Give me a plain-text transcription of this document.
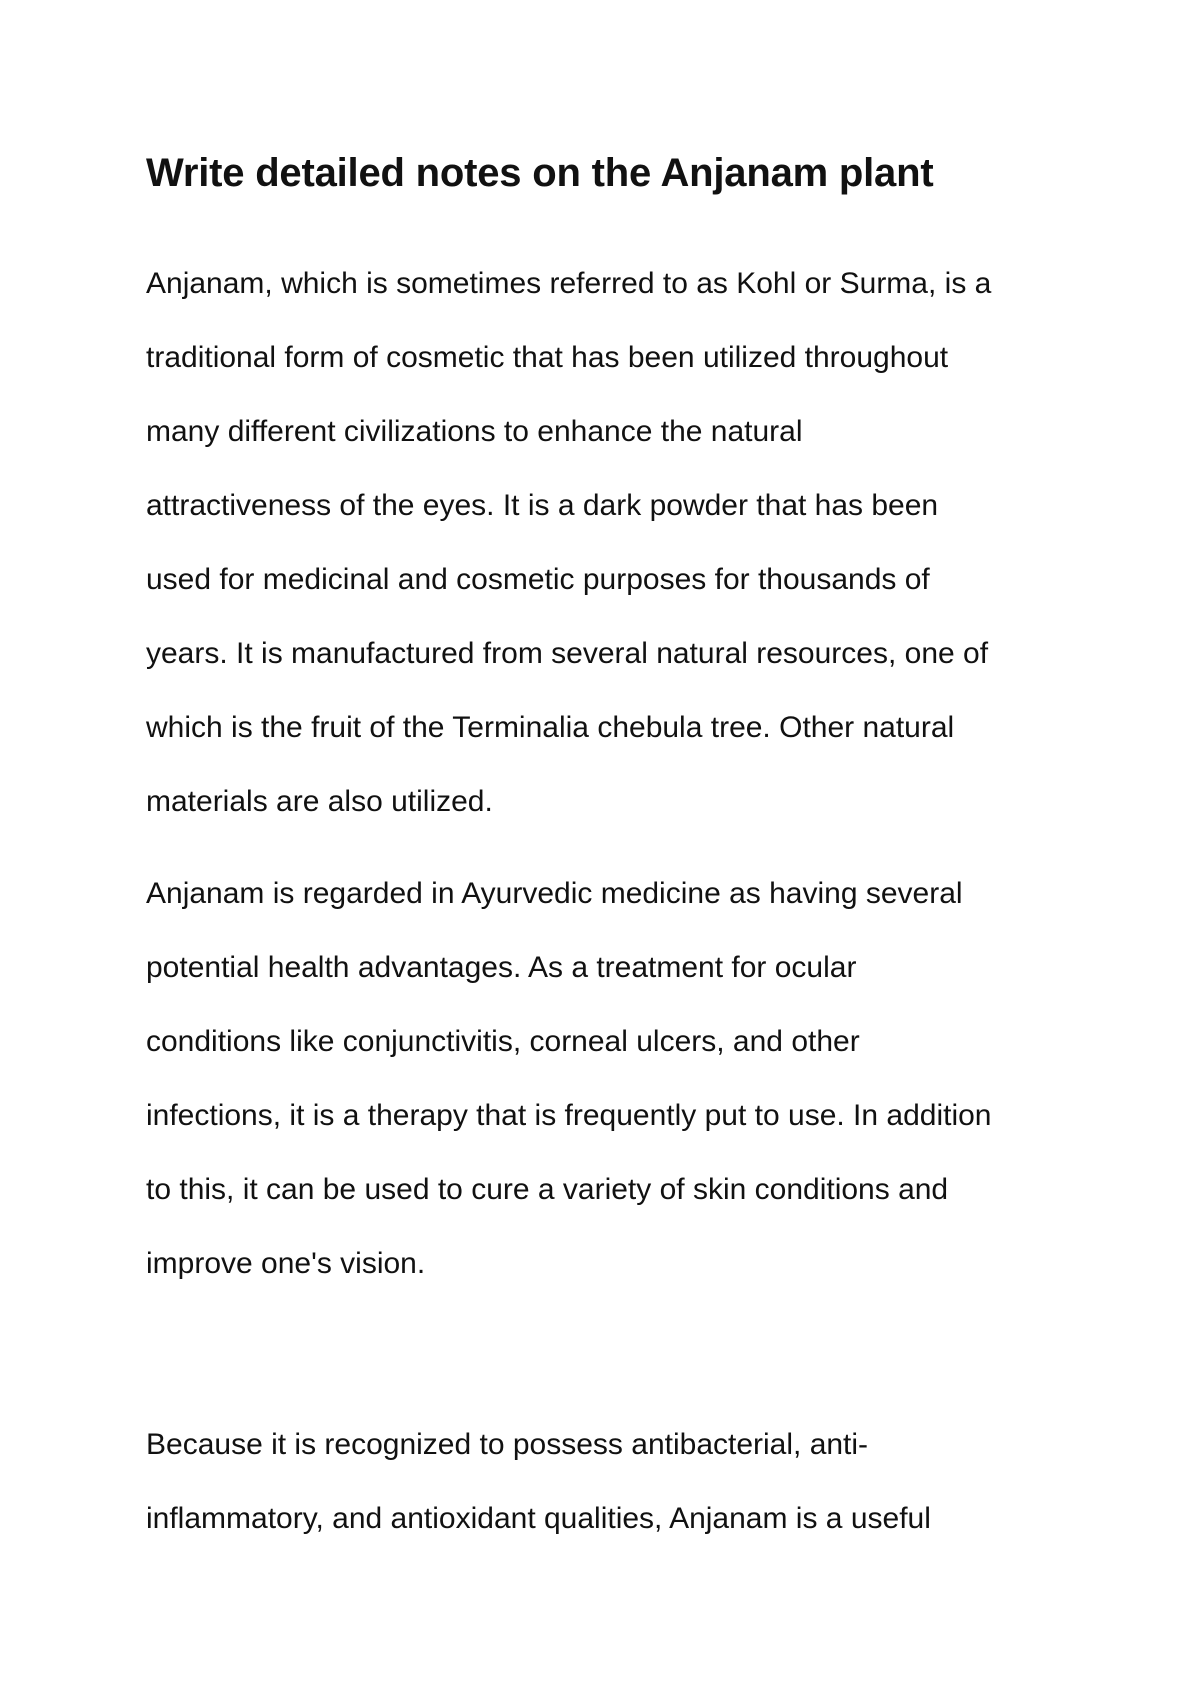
Write detailed notes on the Anjanam plant

Anjanam, which is sometimes referred to as Kohl or Surma, is a

traditional form of cosmetic that has been utilized throughout

many different civilizations to enhance the natural

attractiveness of the eyes. It is a dark powder that has been

used for medicinal and cosmetic purposes for thousands of

years. It is manufactured from several natural resources, one of

which is the fruit of the Terminalia chebula tree. Other natural

materials are also utilized.

Anjanam is regarded in Ayurvedic medicine as having several

potential health advantages. As a treatment for ocular

conditions like conjunctivitis, corneal ulcers, and other

infections, it is a therapy that is frequently put to use. In addition

to this, it can be used to cure a variety of skin conditions and

improve one's vision.

Because it is recognized to possess antibacterial, anti-

inflammatory, and antioxidant qualities, Anjanam is a useful
